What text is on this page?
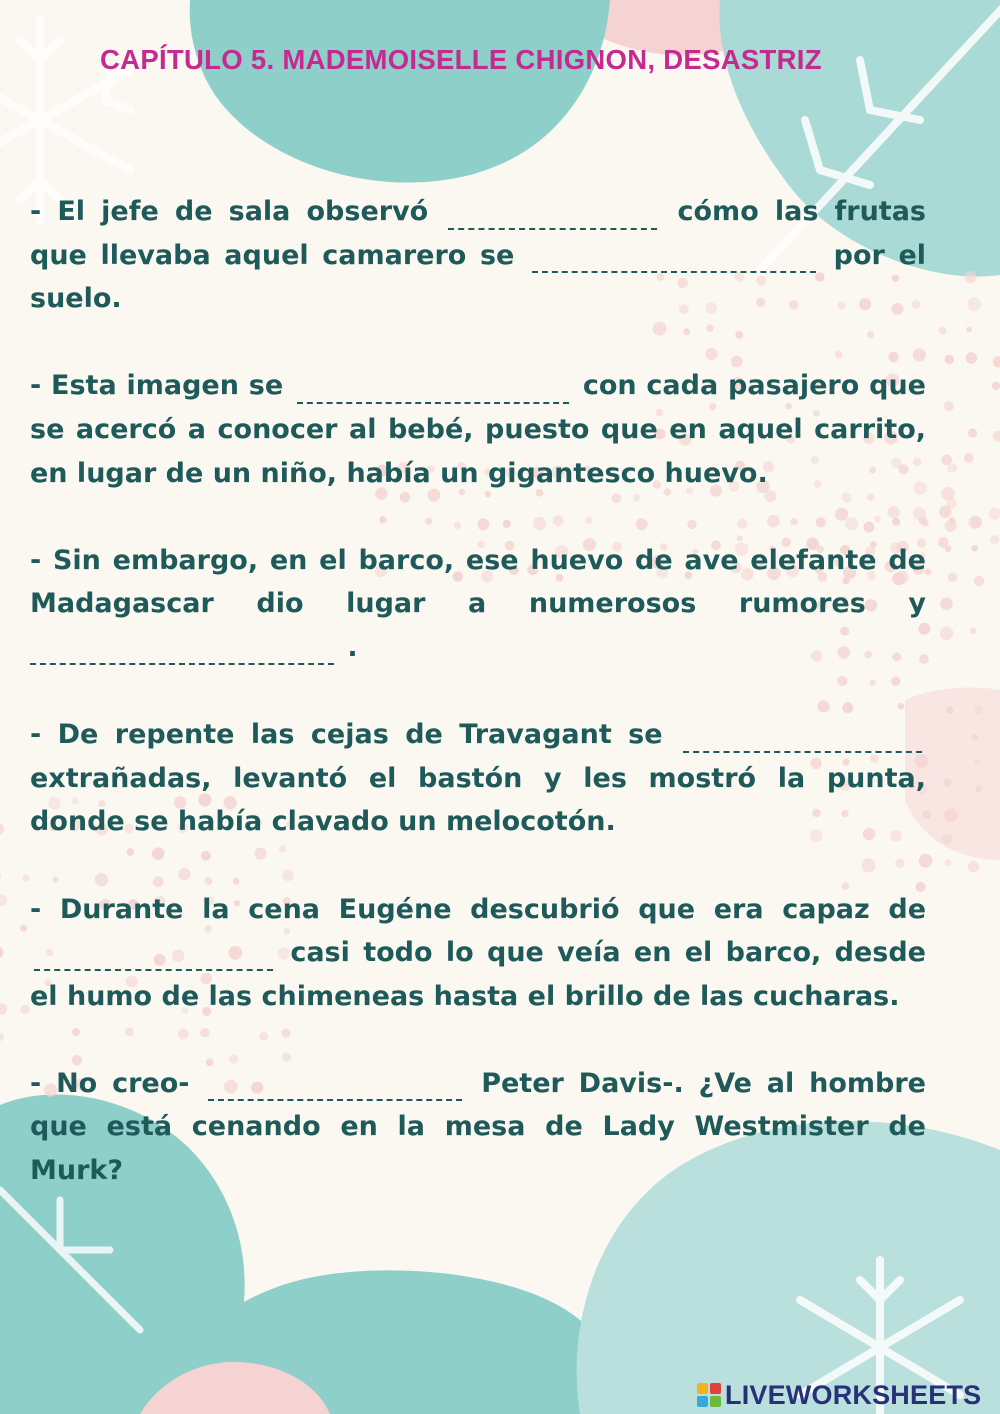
CAPÍTULO 5. MADEMOISELLE CHIGNON, DESASTRIZ

- El jefe de sala observó	cómo las frutas que llevaba aquel camarero se	por el suelo.

- Esta imagen se	con cada pasajero que se acercó a conocer al bebé, puesto que en aquel carrito, en lugar de un niño, había un gigantesco huevo.

- Sin embargo, en el barco, ese huevo de ave elefante de Madagascar dio lugar a numerosos rumores y  .

- De repente las cejas de Travagant se  extrañadas, levantó el bastón y les mostró la punta, donde se había clavado un melocotón.

- Durante la cena Eugéne descubrió que era capaz de  casi todo lo que veía en el barco, desde el humo de las chimeneas hasta el brillo de las cucharas.

- No creo-	Peter Davis-. ¿Ve al hombre que está cenando en la mesa de Lady Westmister de Murk?

LIVEWORKSHEETS
